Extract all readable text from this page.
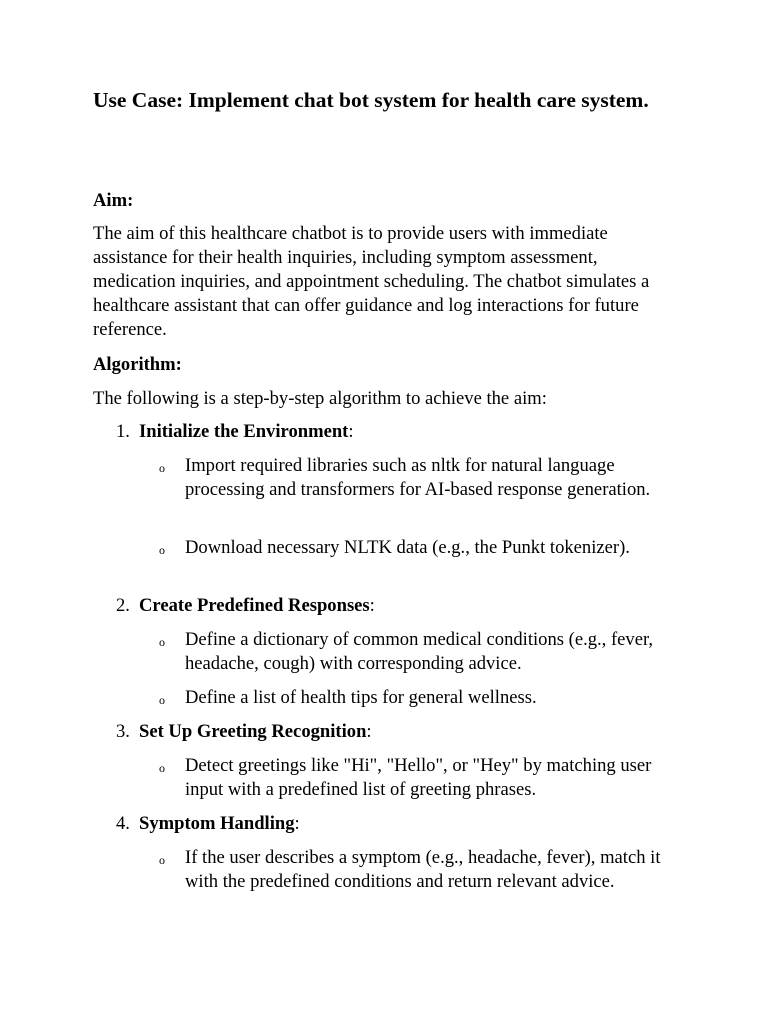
Use Case: Implement chat bot system for health care system.
Aim:
The aim of this healthcare chatbot is to provide users with immediate assistance for their health inquiries, including symptom assessment, medication inquiries, and appointment scheduling. The chatbot simulates a healthcare assistant that can offer guidance and log interactions for future reference.
Algorithm:
The following is a step-by-step algorithm to achieve the aim:
1. Initialize the Environment:
o Import required libraries such as nltk for natural language processing and transformers for AI-based response generation.
o Download necessary NLTK data (e.g., the Punkt tokenizer).
2. Create Predefined Responses:
o Define a dictionary of common medical conditions (e.g., fever, headache, cough) with corresponding advice.
o Define a list of health tips for general wellness.
3. Set Up Greeting Recognition:
o Detect greetings like "Hi", "Hello", or "Hey" by matching user input with a predefined list of greeting phrases.
4. Symptom Handling:
o If the user describes a symptom (e.g., headache, fever), match it with the predefined conditions and return relevant advice.
